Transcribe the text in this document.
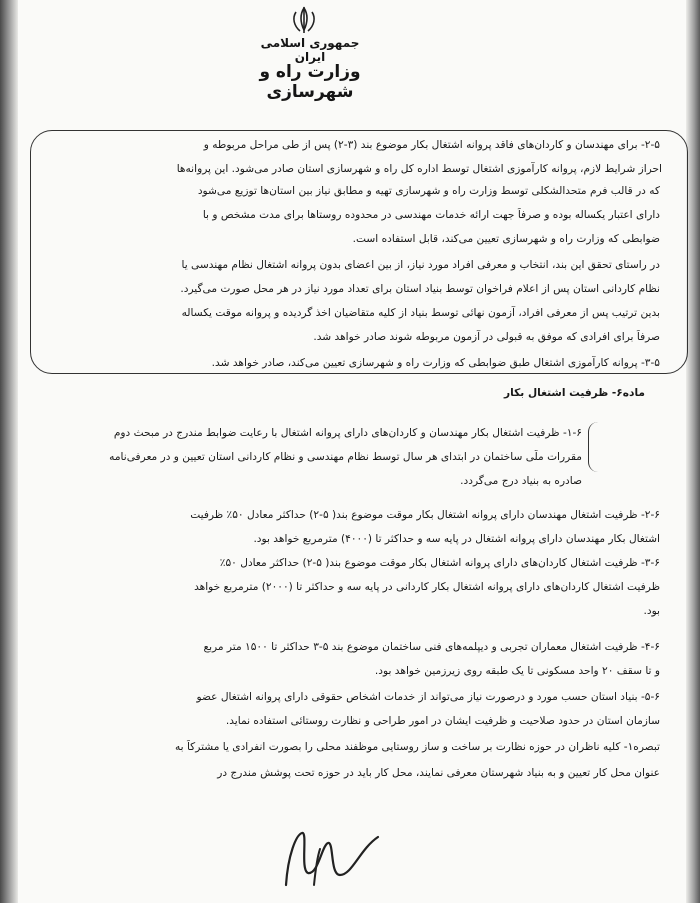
جمهوری اسلامی ایران
وزارت راه و شهرسازی
۲-۵- برای مهندسان و کاردان‌های فاقد پروانه اشتغال بکار موضوع بند (۳-۲) پس از طی مراحل مربوطه و
احراز شرایط لازم، پروانه کارآموزی اشتغال توسط اداره کل راه و شهرسازی استان صادر می‌شود. این پروانه‌ها
که در قالب فرم متحدالشکلی توسط وزارت راه و شهرسازی تهیه و مطابق نیاز بین استان‌ها توزیع می‌شود
دارای اعتبار یکساله بوده و صرفاً جهت ارائه خدمات مهندسی در محدوده روستاها برای مدت مشخص و با
ضوابطی که وزارت راه و شهرسازی تعیین می‌کند، قابل استفاده است.
در راستای تحقق این بند، انتخاب و معرفی افراد مورد نیاز، از بین اعضای بدون پروانه اشتغال نظام مهندسی یا
نظام کاردانی استان پس از اعلام فراخوان توسط بنیاد استان برای تعداد مورد نیاز در هر محل صورت می‌گیرد.
بدین ترتیب پس از معرفی افراد، آزمون نهائی توسط بنیاد از کلیه متقاضیان اخذ گردیده و پروانه موقت یکساله
صرفاً برای افرادی که موفق به قبولی در آزمون مربوطه شوند صادر خواهد شد.
۳-۵- پروانه کارآموزی اشتغال طبق ضوابطی که وزارت راه و شهرسازی تعیین می‌کند، صادر خواهد شد.
ماده۶- ظرفیت اشتغال بکار
۱-۶- ظرفیت اشتغال بکار مهندسان و کاردان‌های دارای پروانه اشتغال با رعایت ضوابط مندرج در مبحث دوم
مقررات ملّی ساختمان در ابتدای هر سال توسط نظام مهندسی و نظام کاردانی استان تعیین و در معرفی‌نامه
صادره به بنیاد درج می‌گردد.
۲-۶- ظرفیت اشتغال مهندسان دارای پروانه اشتغال بکار موقت موضوع بند( ۵-۲) حداکثر معادل ۵۰٪ ظرفیت
اشتغال بکار مهندسان دارای پروانه اشتغال در پایه سه و حداکثر تا (۴۰۰۰) مترمربع خواهد بود.
۳-۶- ظرفیت اشتغال کاردان‌های دارای پروانه اشتغال بکار موقت موضوع بند( ۵-۲) حداکثر معادل ۵۰٪
ظرفیت اشتغال کاردان‌های دارای پروانه اشتغال بکار کاردانی در پایه سه و حداکثر تا (۲۰۰۰) مترمربع خواهد
بود.
۴-۶- ظرفیت اشتغال معماران تجربی و دیپلمه‌های فنی ساختمان موضوع بند ۵-۳ حداکثر تا ۱۵۰۰ متر مربع
و تا سقف ۲۰ واحد مسکونی تا یک طبقه روی زیرزمین خواهد بود.
۵-۶- بنیاد استان حسب مورد و درصورت نیاز می‌تواند از خدمات اشخاص حقوقی دارای پروانه اشتغال عضو
سازمان استان در حدود صلاحیت و ظرفیت ایشان در امور طراحی و نظارت روستائی استفاده نماید.
تبصره۱- کلیه ناظران در حوزه نظارت بر ساخت و ساز روستایی موظفند محلی را بصورت انفرادی یا مشترکاً به
عنوان محل کار تعیین و به بنیاد شهرستان معرفی نمایند، محل کار باید در حوزه تحت پوشش مندرج در
